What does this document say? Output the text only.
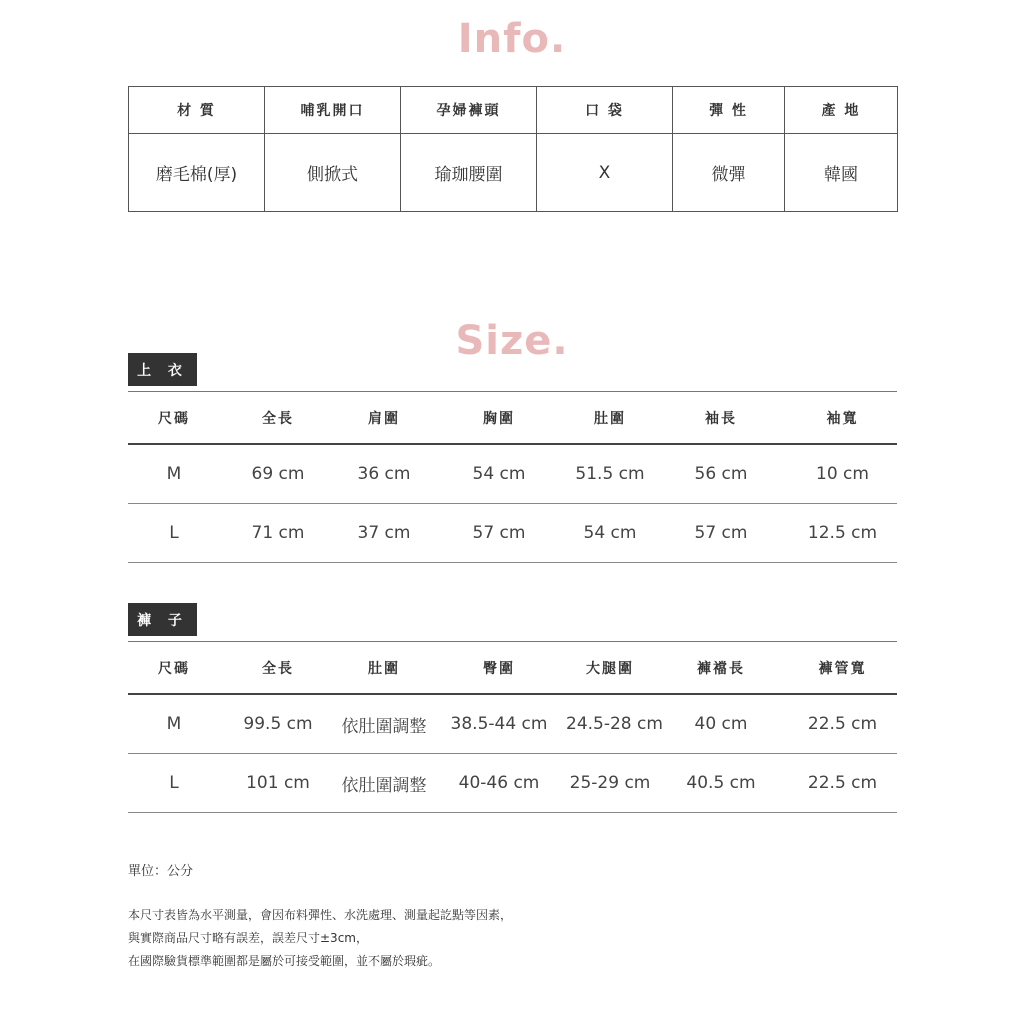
Info.
材 質	哺乳開口	孕婦褲頭	口 袋	彈 性	產 地
磨毛棉(厚)	側掀式	瑜珈腰圍	X	微彈	韓國
Size.
上 衣
尺碼	全長	肩圍	胸圍	肚圍	袖長	袖寬
M	69 cm	36 cm	54 cm	51.5 cm	56 cm	10 cm
L	71 cm	37 cm	57 cm	54 cm	57 cm	12.5 cm
褲 子
尺碼	全長	肚圍	臀圍	大腿圍	褲襠長	褲管寬
M	99.5 cm	依肚圍調整	38.5-44 cm	24.5-28 cm	40 cm	22.5 cm
L	101 cm	依肚圍調整	40-46 cm	25-29 cm	40.5 cm	22.5 cm
單位：公分
本尺寸表皆為水平測量，會因布料彈性、水洗處理、測量起訖點等因素，
與實際商品尺寸略有誤差，誤差尺寸±3cm，
在國際驗貨標準範圍都是屬於可接受範圍，並不屬於瑕疵。
